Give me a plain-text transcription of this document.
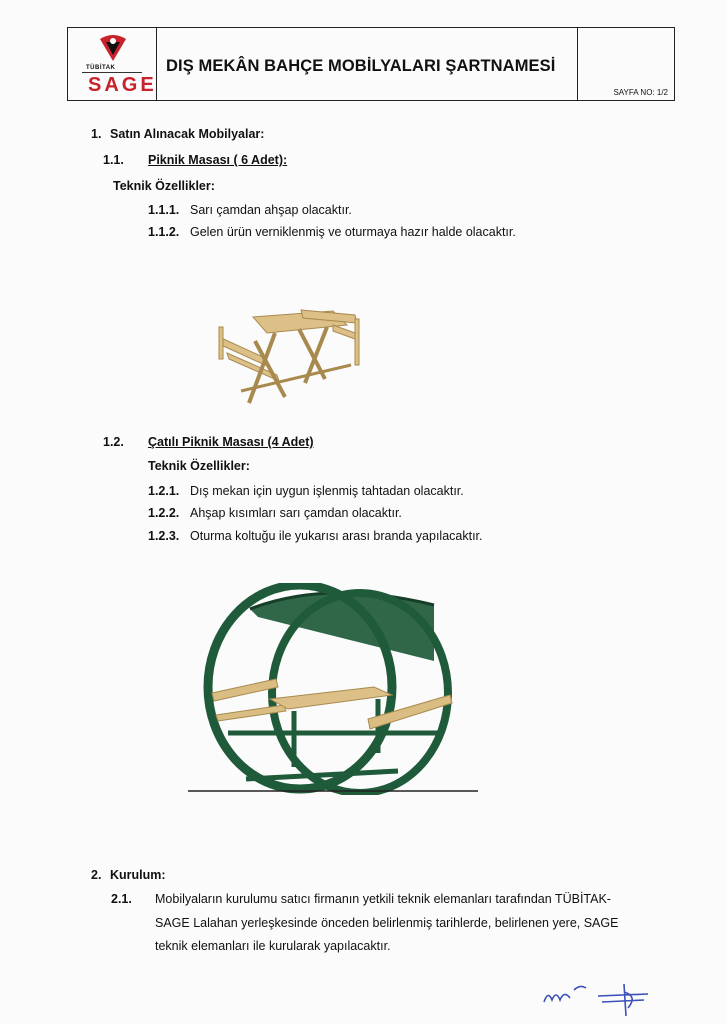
TÜBİTAK
SAGE
DIŞ MEKÂN BAHÇE MOBİLYALARI ŞARTNAMESİ
SAYFA NO: 1/2
1. Satın Alınacak Mobilyalar:
1.1. Piknik Masası ( 6 Adet):
Teknik Özellikler:
1.1.1. Sarı çamdan ahşap olacaktır.
1.1.2. Gelen ürün verniklenmiş ve oturmaya hazır halde olacaktır.
1.2. Çatılı Piknik Masası (4 Adet)
Teknik Özellikler:
1.2.1. Dış mekan için uygun işlenmiş tahtadan olacaktır.
1.2.2. Ahşap kısımları sarı çamdan olacaktır.
1.2.3. Oturma koltuğu ile yukarısı arası branda yapılacaktır.
2. Kurulum:
2.1. Mobilyaların kurulumu satıcı firmanın yetkili teknik elemanları tarafından TÜBİTAK-
SAGE Lalahan yerleşkesinde önceden belirlenmiş tarihlerde, belirlenen yere, SAGE
teknik elemanları ile kurularak yapılacaktır.
